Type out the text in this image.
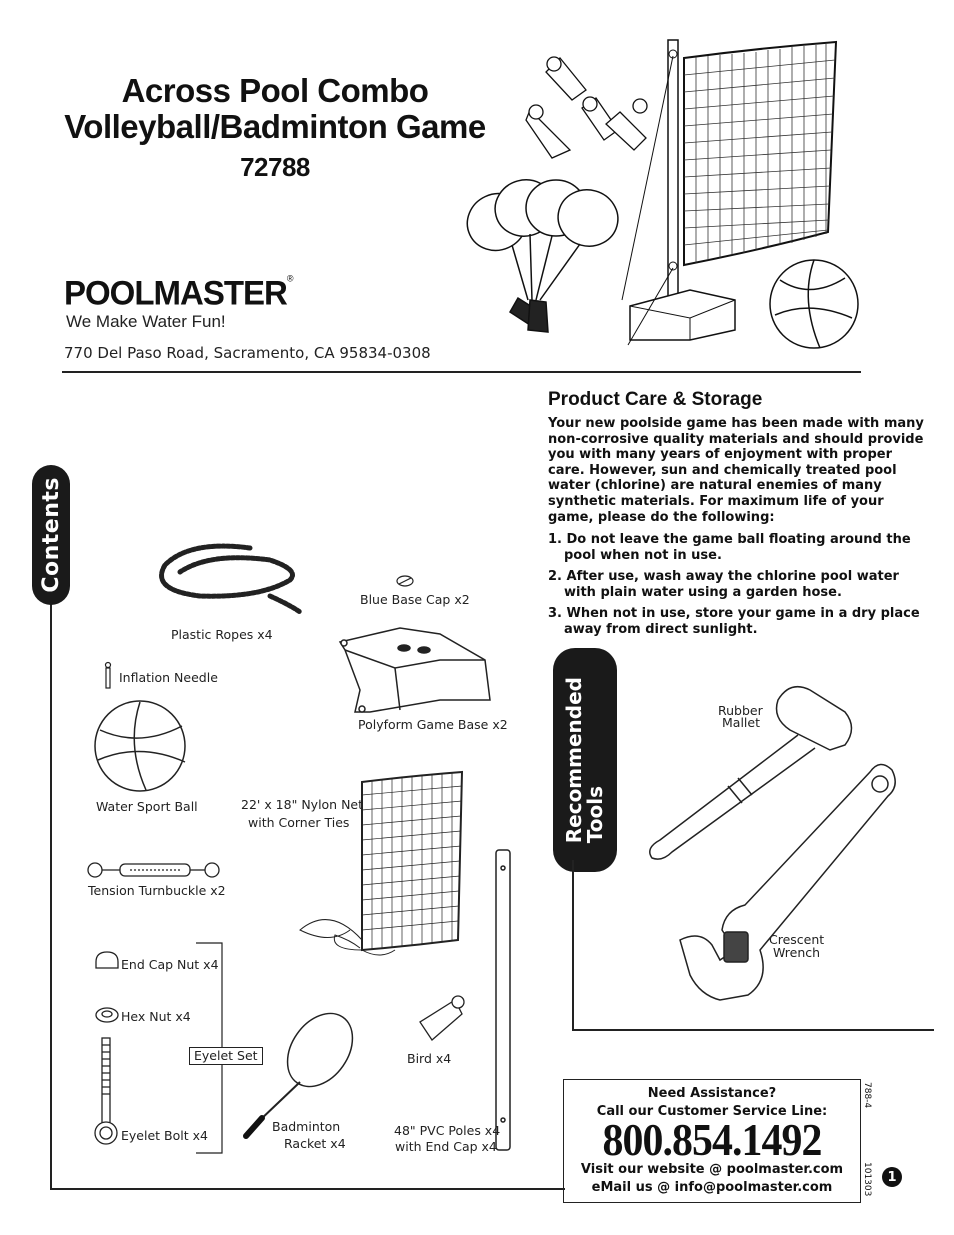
Across Pool Combo
Volleyball/Badminton Game
72788
POOLMASTER®
We Make Water Fun!
770 Del Paso Road, Sacramento, CA 95834-0308
Product Care & Storage
Your new poolside game has been made with many non-corrosive quality materials and should provide you with many years of enjoyment with proper care. However, sun and chemically treated pool water (chlorine) are natural enemies of many synthetic materials. For maximum life of your game, please do the following:
1. Do not leave the game ball floating around the pool when not in use.
2. After use, wash away the chlorine pool water with plain water using a garden hose.
3. When not in use, store your game in a dry place away from direct sunlight.
Contents
Plastic Ropes x4
Blue Base Cap x2
Inflation Needle
Polyform Game Base x2
Water Sport Ball	22' x 18" Nylon Net
with Corner Ties
Tension Turnbuckle x2
End Cap Nut x4
Hex Nut x4
Eyelet Set
Eyelet Bolt x4
Badminton
Racket x4
Bird x4
48" PVC Poles x4
with End Cap x4
Recommended
Tools
Rubber
Mallet
Crescent
Wrench
Need Assistance?
Call our Customer Service Line:
800.854.1492
Visit our website @ poolmaster.com
eMail us @ info@poolmaster.com
788-4
101303 1
